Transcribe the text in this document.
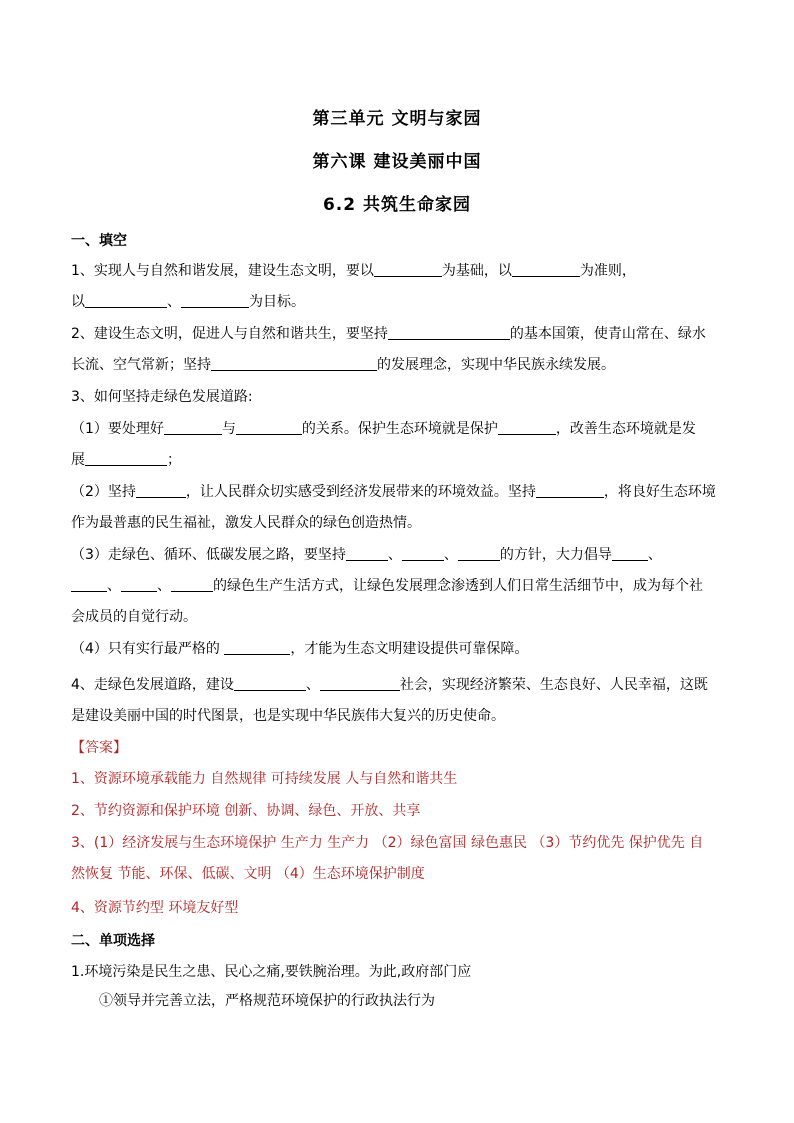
第三单元 文明与家园
第六课 建设美丽中国
6.2 共筑生命家园
一、填空
1、实现人与自然和谐发展，建设生态文明，要以	为基础，以	为准则，
以	、	为目标。
2、建设生态文明，促进人与自然和谐共生，要坚持	的基本国策，使青山常在、绿水
长流、空气常新；坚持	的发展理念，实现中华民族永续发展。
3、如何坚持走绿色发展道路:
（1）要处理好	与	的关系。保护生态环境就是保护	，改善生态环境就是发
展	；
（2）坚持	，让人民群众切实感受到经济发展带来的环境效益。坚持	，将良好生态环境
作为最普惠的民生福祉，激发人民群众的绿色创造热情。
（3）走绿色、循环、低碳发展之路，要坚持	、	、	的方针，大力倡导	、
、	、	的绿色生产生活方式，让绿色发展理念渗透到人们日常生活细节中，成为每个社
会成员的自觉行动。
（4）只有实行最严格的	，才能为生态文明建设提供可靠保障。
4、走绿色发展道路，建设	、	社会，实现经济繁荣、生态良好、人民幸福，这既
是建设美丽中国的时代图景，也是实现中华民族伟大复兴的历史使命。
【答案】
1、资源环境承载能力 自然规律 可持续发展 人与自然和谐共生
2、节约资源和保护环境 创新、协调、绿色、开放、共享
3、(1）经济发展与生态环境保护 生产力 生产力 （2）绿色富国 绿色惠民 （3）节约优先 保护优先 自
然恢复 节能、环保、低碳、文明 （4）生态环境保护制度
4、资源节约型 环境友好型
二、单项选择
1.环境污染是民生之患、民心之痛,要铁腕治理。为此,政府部门应
①领导并完善立法，严格规范环境保护的行政执法行为
